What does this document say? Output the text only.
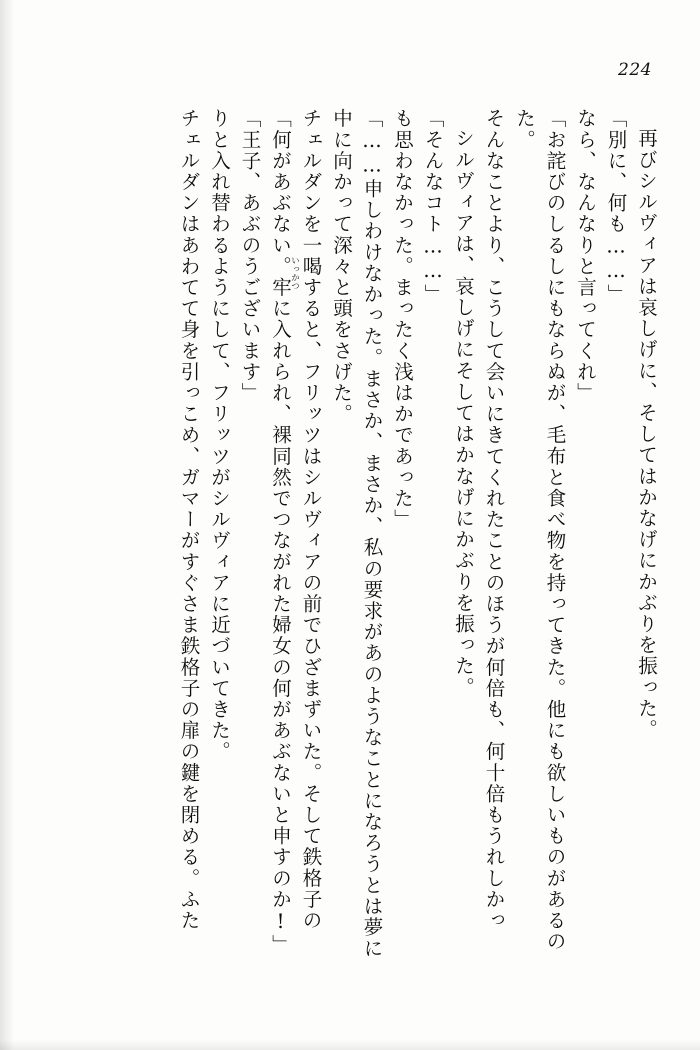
224
チェルダンはあわてて身を引っこめ、ガマーがすぐさま鉄格子の扉の鍵を閉める。ふた りと入れ替わるようにして、フリッツがシルヴィアに近づいてきた。 「王子、あぶのうございます」 「何があぶない。牢に入れられ、裸同然でつながれた婦女の何があぶないと申すのか!」 チェルダンを一喝
いっかつ
すると、フリッツはシルヴィアの前でひざまずいた。そして鉄格子の
中に向かって深々と頭をさげた。 「……申しわけなかった。まさか、まさか、私の要求があのようなことになろうとは夢に も思わなかった。まったく浅はかであった」 「そんなコト……」 シルヴィアは、哀しげにそしてはかなげにかぶりを振った。 そんなことより、こうして会いにきてくれたことのほうが何倍も、何十倍もうれしかっ た。 「お詫びのしるしにもならぬが、毛布と食べ物を持ってきた。他にも欲しいものがあるの なら、なんなりと言ってくれ」 「別に、何も……」 再びシルヴィアは哀しげに、そしてはかなげにかぶりを振った。
